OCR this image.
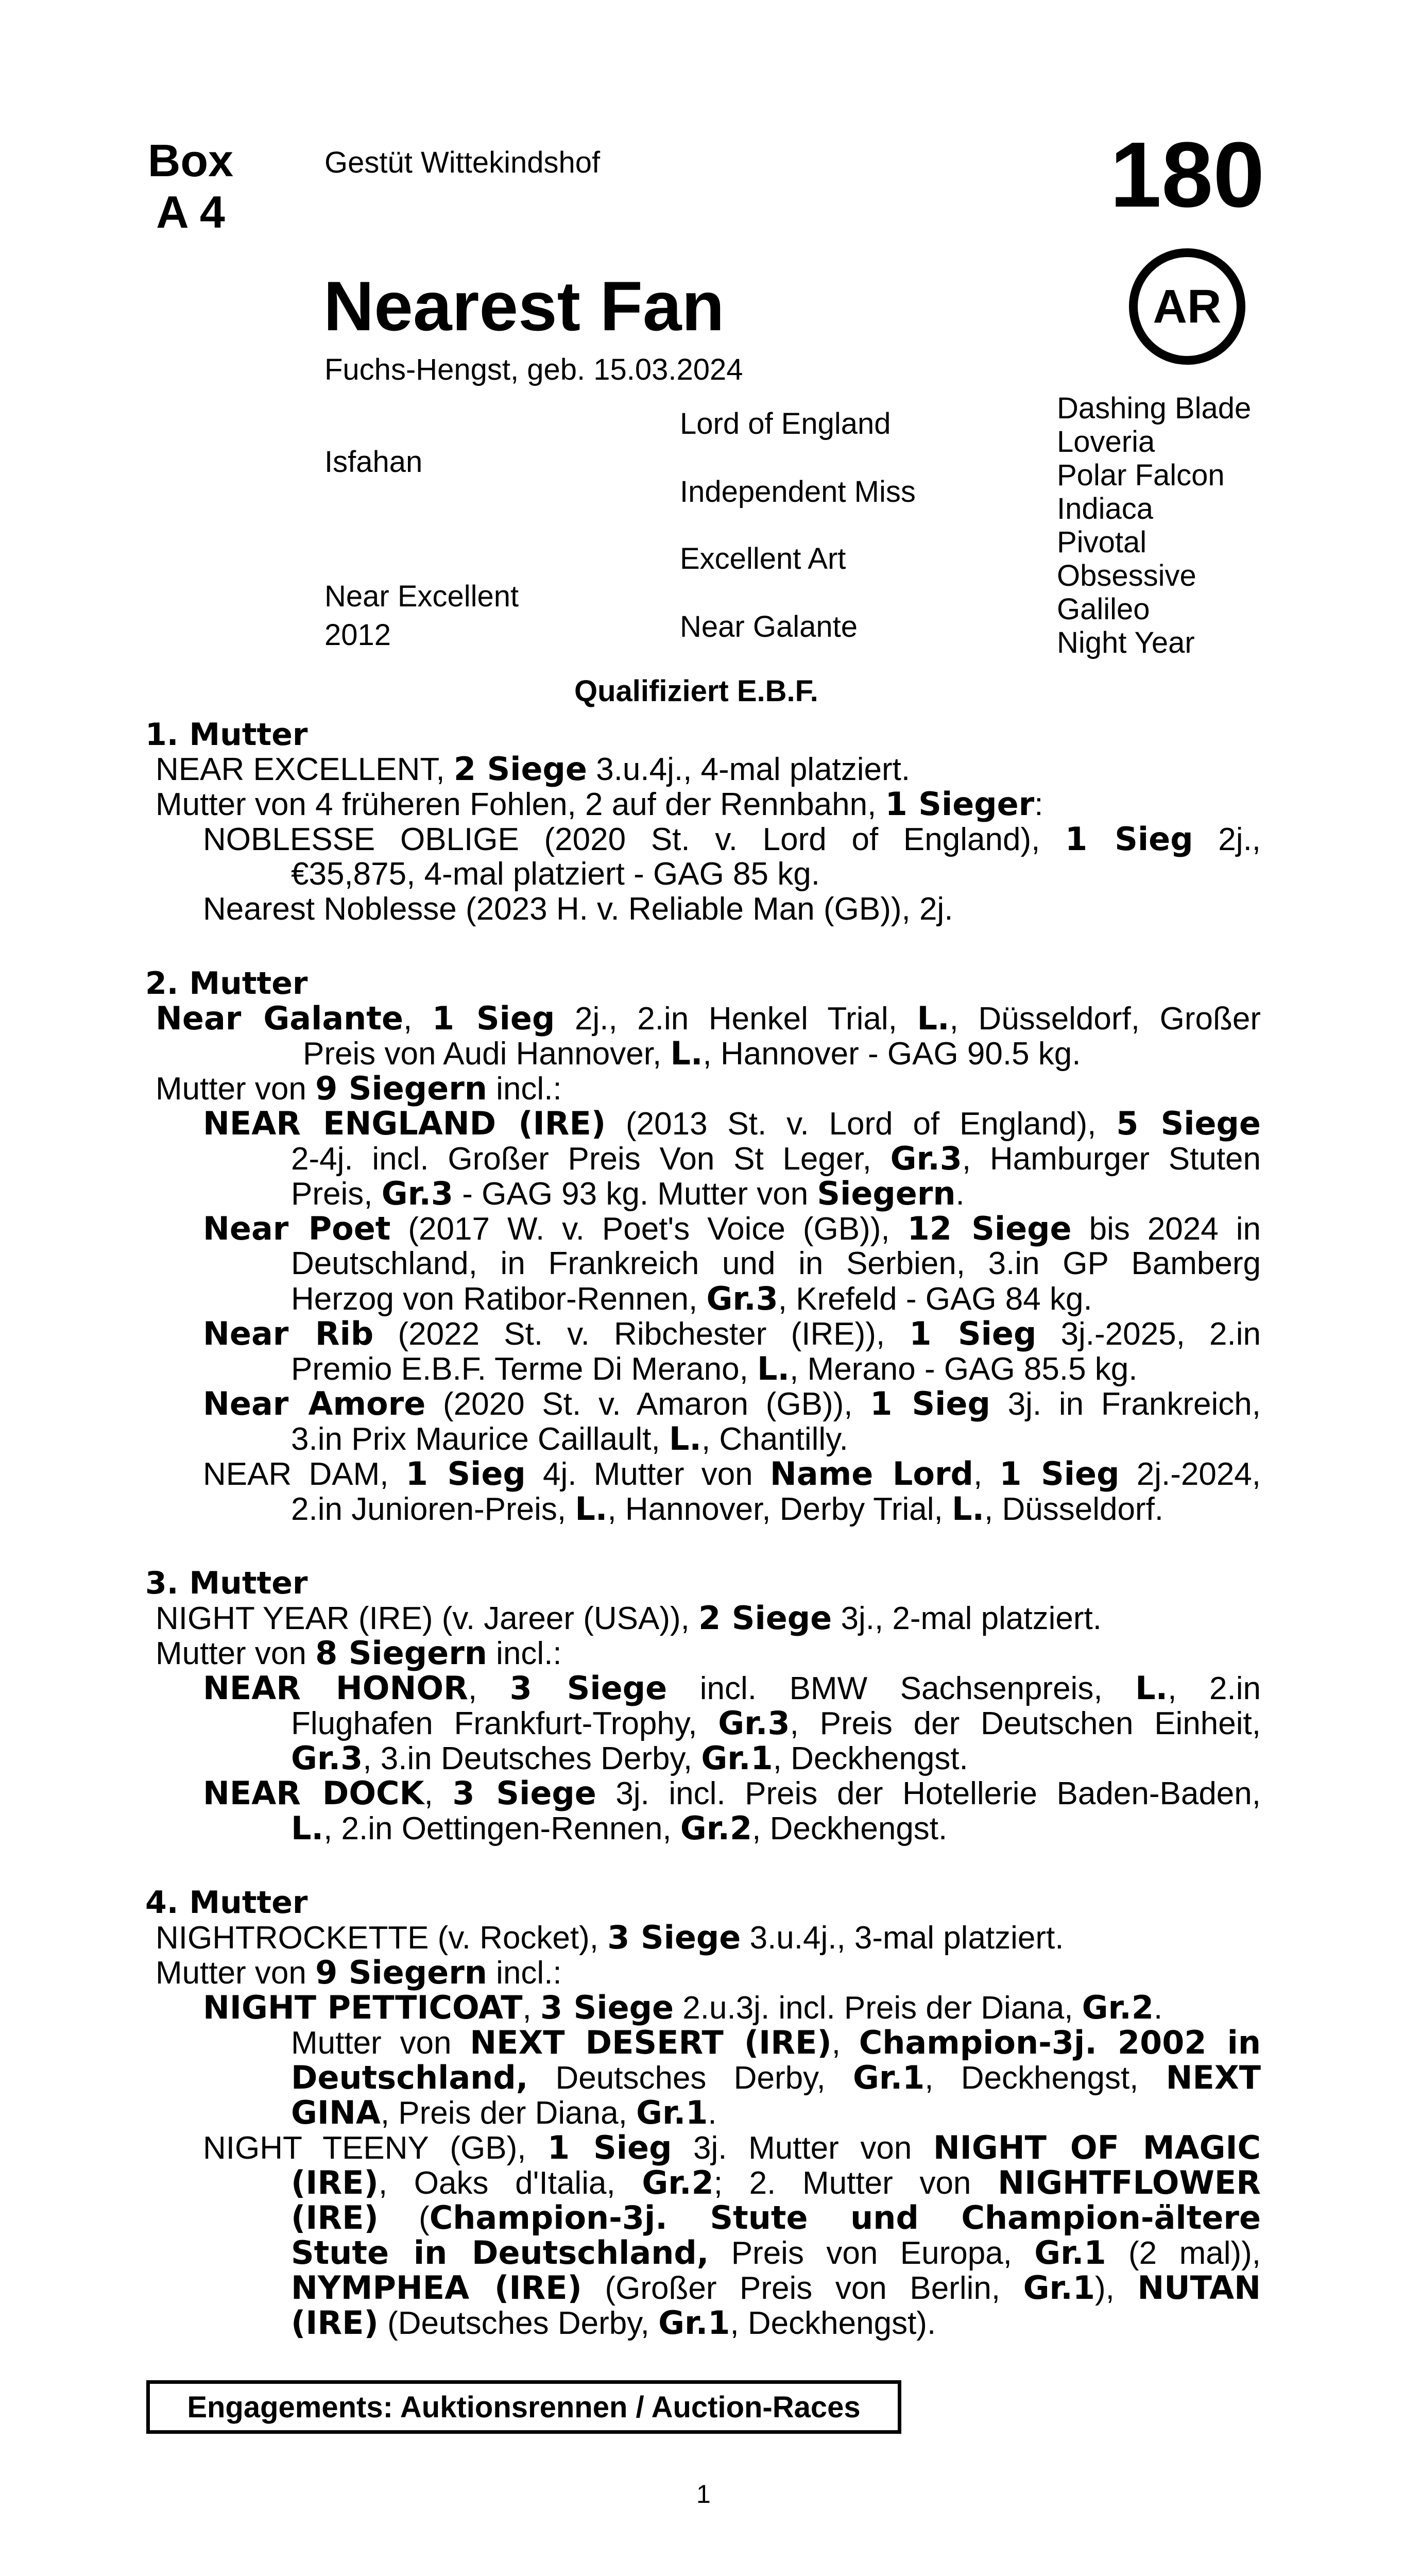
Box
A 4
Gestüt Wittekindshof	180
AR
Nearest Fan
Fuchs-Hengst, geb. 15.03.2024
Isfahan
Near Excellent
2012
Lord of England
Independent Miss
Excellent Art
Near Galante
Dashing Blade
Loveria
Polar Falcon
Indiaca
Pivotal
Obsessive
Galileo
Night Year
Qualifiziert E.B.F.
1. Mutter
NEAR EXCELLENT, 2 Siege 3.u.4j., 4-mal platziert.
Mutter von 4 früheren Fohlen, 2 auf der Rennbahn, 1 Sieger:
NOBLESSE OBLIGE (2020 St. v. Lord of England), 1 Sieg 2j.,
€35,875, 4-mal platziert - GAG 85 kg.
Nearest Noblesse (2023 H. v. Reliable Man (GB)), 2j.
2. Mutter
Near Galante, 1 Sieg 2j., 2.in Henkel Trial, L., Düsseldorf, Großer
Preis von Audi Hannover, L., Hannover - GAG 90.5 kg.
Mutter von 9 Siegern incl.:
NEAR ENGLAND (IRE) (2013 St. v. Lord of England), 5 Siege
2-4j. incl. Großer Preis Von St Leger, Gr.3, Hamburger Stuten
Preis, Gr.3 - GAG 93 kg. Mutter von Siegern.
Near Poet (2017 W. v. Poet's Voice (GB)), 12 Siege bis 2024 in
Deutschland, in Frankreich und in Serbien, 3.in GP Bamberg
Herzog von Ratibor-Rennen, Gr.3, Krefeld - GAG 84 kg.
Near Rib (2022 St. v. Ribchester (IRE)), 1 Sieg 3j.-2025, 2.in
Premio E.B.F. Terme Di Merano, L., Merano - GAG 85.5 kg.
Near Amore (2020 St. v. Amaron (GB)), 1 Sieg 3j. in Frankreich,
3.in Prix Maurice Caillault, L., Chantilly.
NEAR DAM, 1 Sieg 4j. Mutter von Name Lord, 1 Sieg 2j.-2024,
2.in Junioren-Preis, L., Hannover, Derby Trial, L., Düsseldorf.
3. Mutter
NIGHT YEAR (IRE) (v. Jareer (USA)), 2 Siege 3j., 2-mal platziert.
Mutter von 8 Siegern incl.:
NEAR HONOR, 3 Siege incl. BMW Sachsenpreis, L., 2.in
Flughafen Frankfurt-Trophy, Gr.3, Preis der Deutschen Einheit,
Gr.3, 3.in Deutsches Derby, Gr.1, Deckhengst.
NEAR DOCK, 3 Siege 3j. incl. Preis der Hotellerie Baden-Baden,
L., 2.in Oettingen-Rennen, Gr.2, Deckhengst.
4. Mutter
NIGHTROCKETTE (v. Rocket), 3 Siege 3.u.4j., 3-mal platziert.
Mutter von 9 Siegern incl.:
NIGHT PETTICOAT, 3 Siege 2.u.3j. incl. Preis der Diana, Gr.2.
Mutter von NEXT DESERT (IRE), Champion-3j. 2002 in
Deutschland, Deutsches Derby, Gr.1, Deckhengst, NEXT
GINA, Preis der Diana, Gr.1.
NIGHT TEENY (GB), 1 Sieg 3j. Mutter von NIGHT OF MAGIC
(IRE), Oaks d'Italia, Gr.2; 2. Mutter von NIGHTFLOWER
(IRE) (Champion-3j. Stute und Champion-ältere
Stute in Deutschland, Preis von Europa, Gr.1 (2 mal)),
NYMPHEA (IRE) (Großer Preis von Berlin, Gr.1), NUTAN
(IRE) (Deutsches Derby, Gr.1, Deckhengst).
Engagements: Auktionsrennen / Auction-Races
1
